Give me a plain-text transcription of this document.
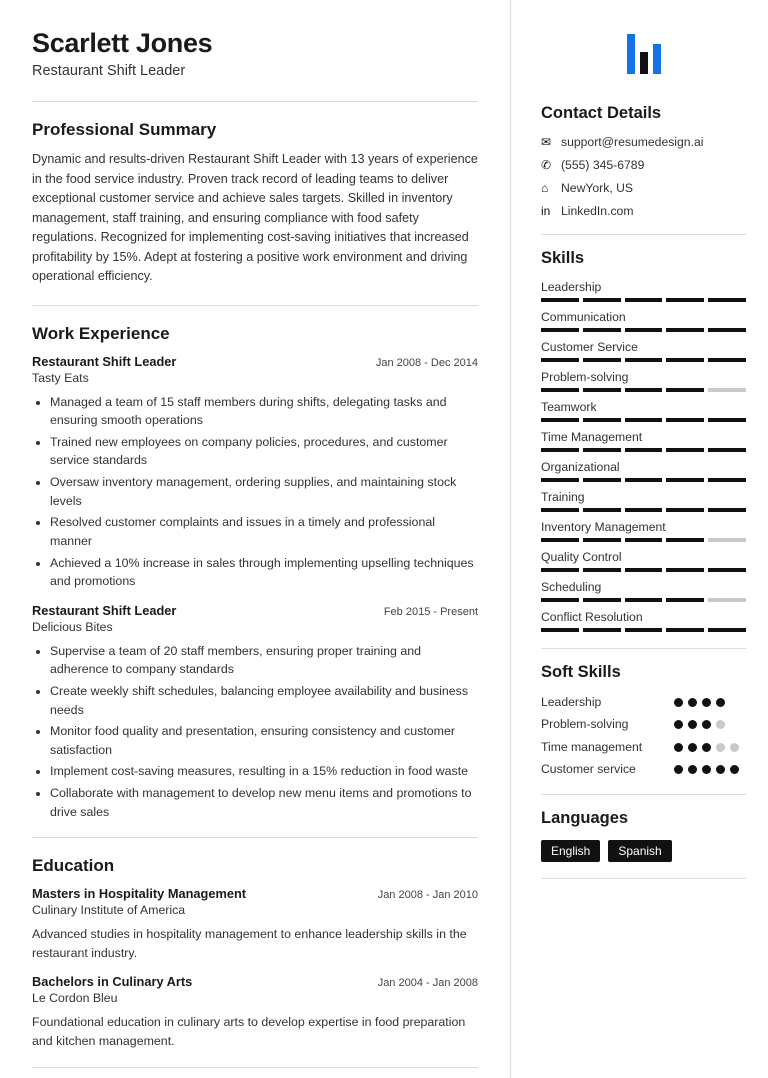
Scarlett Jones
Restaurant Shift Leader
Professional Summary

Dynamic and results-driven Restaurant Shift Leader with 13 years of experience in the food service industry. Proven track record of leading teams to deliver exceptional customer service and achieve sales targets. Skilled in inventory management, staff training, and ensuring compliance with food safety regulations. Recognized for implementing cost-saving initiatives that increased profitability by 15%. Adept at fostering a positive work environment and driving operational efficiency.

Work Experience
Restaurant Shift Leader	Jan 2008 - Dec 2014
Tasty Eats
• Managed a team of 15 staff members during shifts, delegating tasks and ensuring smooth operations
• Trained new employees on company policies, procedures, and customer service standards
• Oversaw inventory management, ordering supplies, and maintaining stock levels
• Resolved customer complaints and issues in a timely and professional manner
• Achieved a 10% increase in sales through implementing upselling techniques and promotions
Restaurant Shift Leader	Feb 2015 - Present
Delicious Bites
• Supervise a team of 20 staff members, ensuring proper training and adherence to company standards
• Create weekly shift schedules, balancing employee availability and business needs
• Monitor food quality and presentation, ensuring consistency and customer satisfaction
• Implement cost-saving measures, resulting in a 15% reduction in food waste
• Collaborate with management to develop new menu items and promotions to drive sales
Education
Masters in Hospitality Management	Jan 2008 - Jan 2010
Culinary Institute of America

Advanced studies in hospitality management to enhance leadership skills in the restaurant industry.

Bachelors in Culinary Arts	Jan 2004 - Jan 2008
Le Cordon Bleu

Foundational education in culinary arts to develop expertise in food preparation and kitchen management.

Contact Details
✉ support@resumedesign.ai
✆ (555) 345-6789
⌂	NewYork, US
in LinkedIn.com
Skills
Leadership
Communication
Customer Service
Problem-solving
Teamwork
Time Management
Organizational
Training
Inventory Management
Quality Control
Scheduling
Conflict Resolution
Soft Skills
Leadership
Problem-solving
Time management
Customer service
Languages
English	Spanish
